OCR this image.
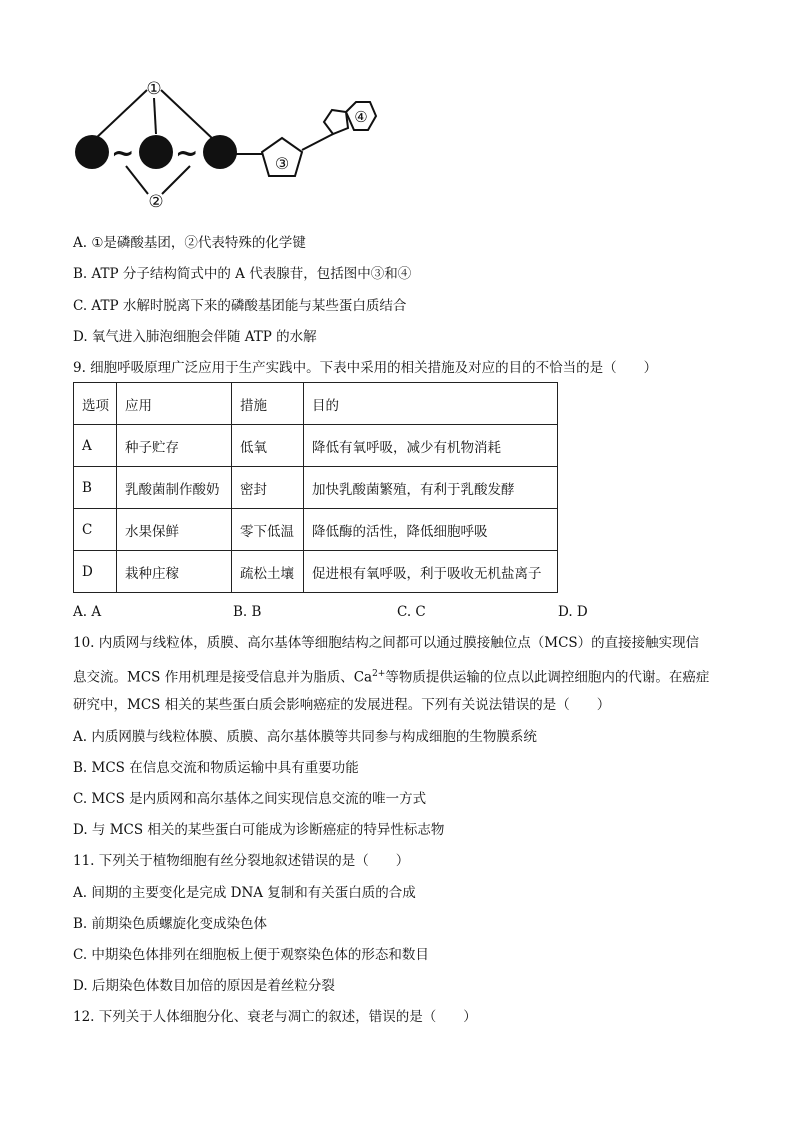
~ ~
①
②
③
④
A. ①是磷酸基团，②代表特殊的化学键
B. ATP 分子结构简式中的 A 代表腺苷，包括图中③和④
C. ATP 水解时脱离下来的磷酸基团能与某些蛋白质结合
D. 氧气进入肺泡细胞会伴随 ATP 的水解
9. 细胞呼吸原理广泛应用于生产实践中。下表中采用的相关措施及对应的目的不恰当的是（　　）
选项	应用	措施	目的
A	种子贮存	低氧	降低有氧呼吸，减少有机物消耗
B	乳酸菌制作酸奶	密封	加快乳酸菌繁殖，有利于乳酸发酵
C	水果保鲜	零下低温	降低酶的活性，降低细胞呼吸
D	栽种庄稼	疏松土壤	促进根有氧呼吸，利于吸收无机盐离子
A. A	B. B	C. C	D. D
10. 内质网与线粒体，质膜、高尔基体等细胞结构之间都可以通过膜接触位点（MCS）的直接接触实现信
息交流。MCS 作用机理是接受信息并为脂质、$Ca^{2+}$等物质提供运输的位点以此调控细胞内的代谢。在癌症
研究中，MCS 相关的某些蛋白质会影响癌症的发展进程。下列有关说法错误的是（　　）
A. 内质网膜与线粒体膜、质膜、高尔基体膜等共同参与构成细胞的生物膜系统
B. MCS 在信息交流和物质运输中具有重要功能
C. MCS 是内质网和高尔基体之间实现信息交流的唯一方式
D. 与 MCS 相关的某些蛋白可能成为诊断癌症的特异性标志物
11. 下列关于植物细胞有丝分裂地叙述错误的是（　　）
A. 间期的主要变化是完成 DNA 复制和有关蛋白质的合成
B. 前期染色质螺旋化变成染色体
C. 中期染色体排列在细胞板上便于观察染色体的形态和数目
D. 后期染色体数目加倍的原因是着丝粒分裂
12. 下列关于人体细胞分化、衰老与凋亡的叙述，错误的是（　　）
